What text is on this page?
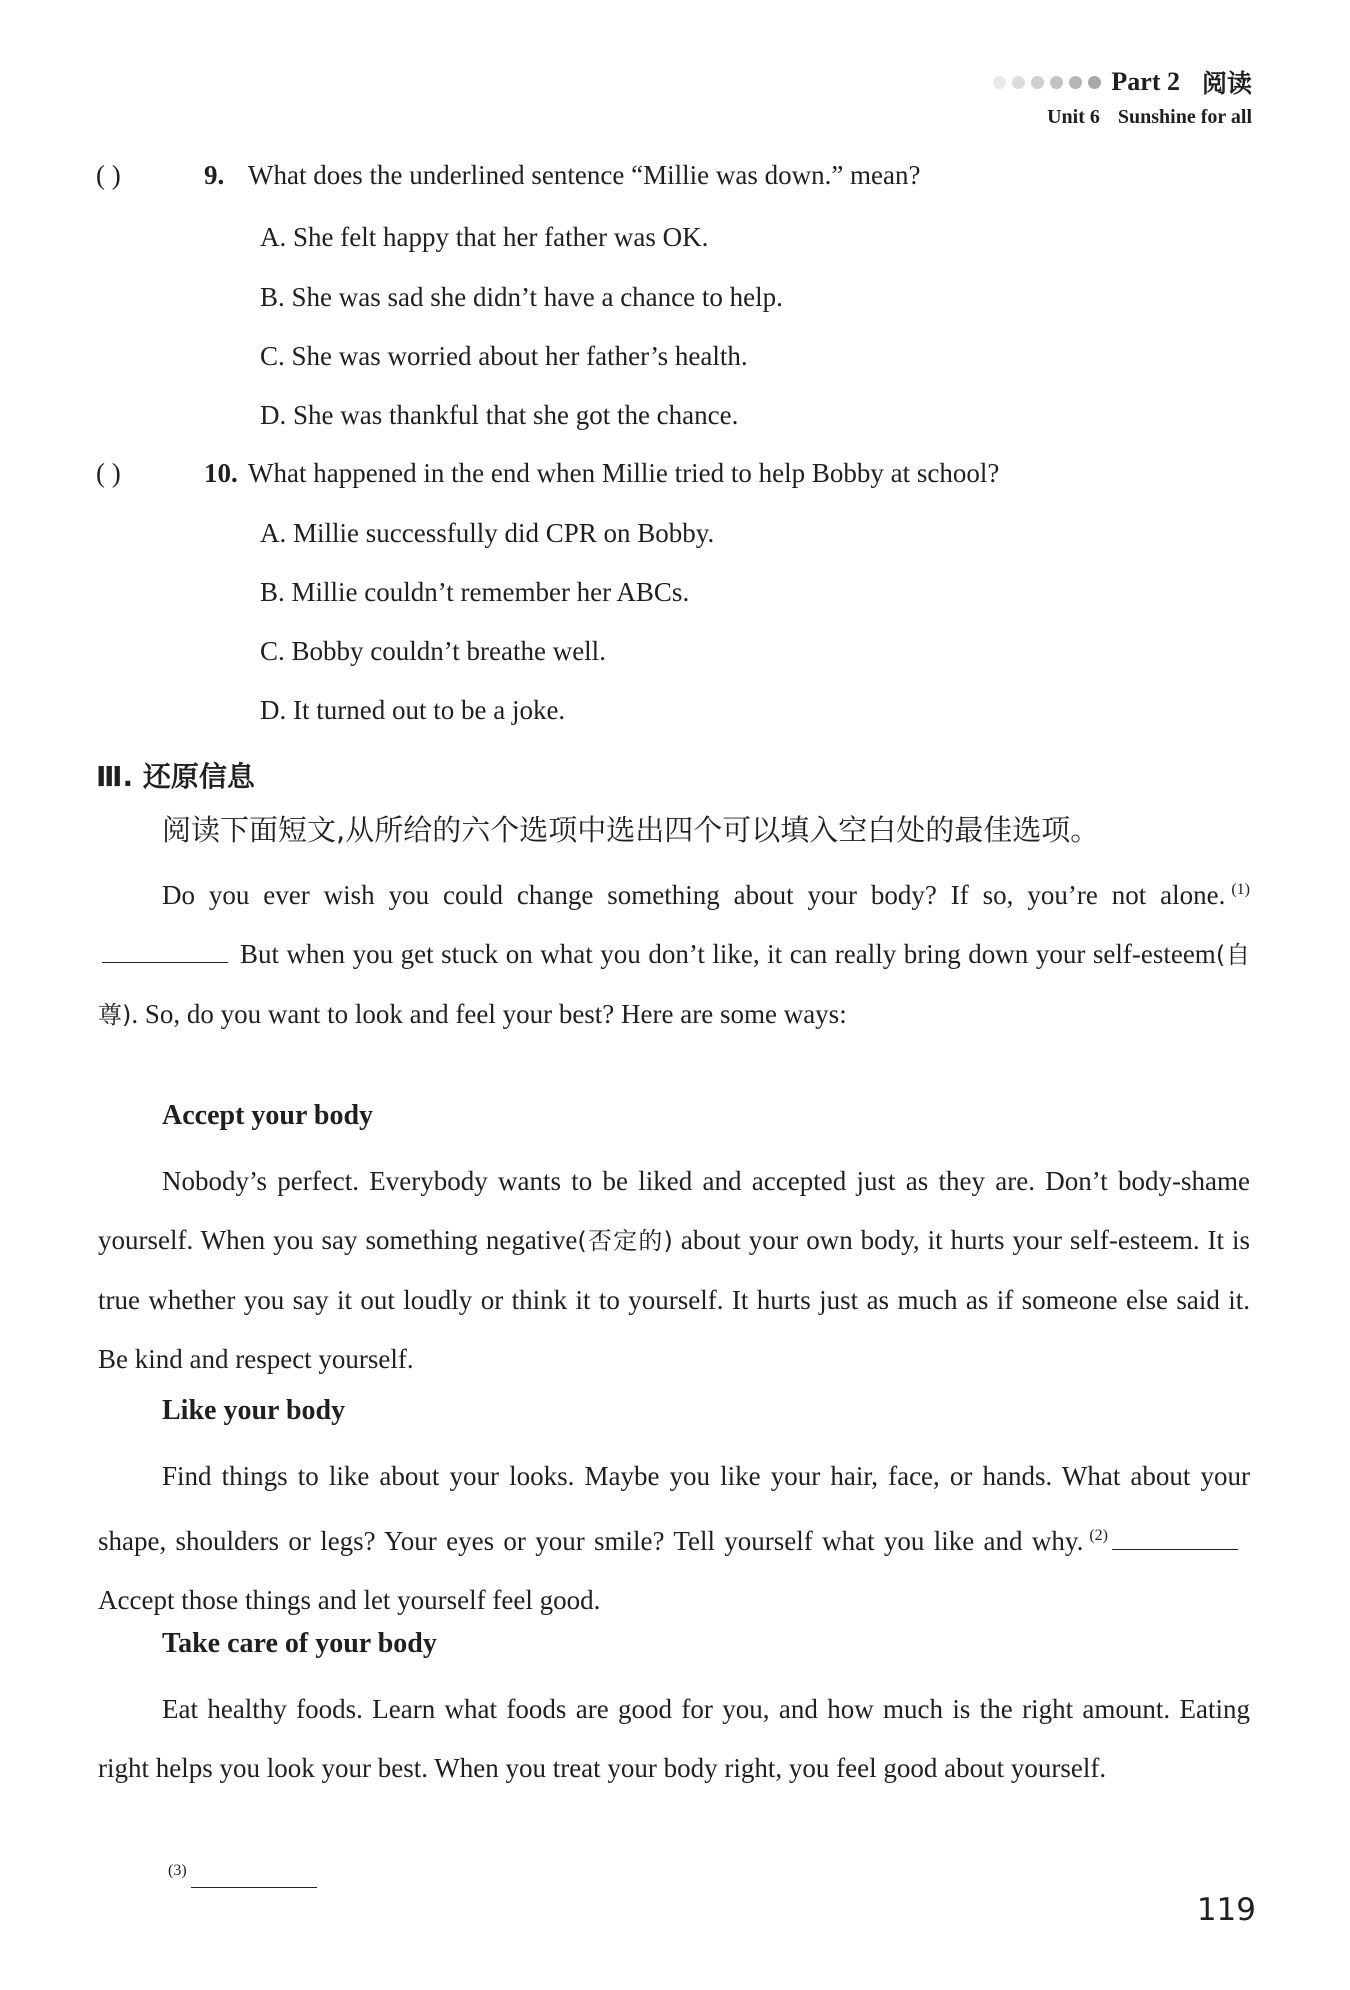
Part 2 阅读
Unit 6 Sunshine for all
( )	9. What does the underlined sentence “Millie was down.” mean?
A. She felt happy that her father was OK.
B. She was sad she didn’t have a chance to help.
C. She was worried about her father’s health.
D. She was thankful that she got the chance.
( )	10. What happened in the end when Millie tried to help Bobby at school?
A. Millie successfully did CPR on Bobby.
B. Millie couldn’t remember her ABCs.
C. Bobby couldn’t breathe well.
D. It turned out to be a joke.
Ⅲ. 还原信息
阅读下面短文,从所给的六个选项中选出四个可以填入空白处的最佳选项。

Do you ever wish you could change something about your body? If so, you’re not alone. $^{(1)}$But when you get stuck on what you don’t like, it can really bring down your self-esteem(自尊). So, do you want to look and feel your best? Here are some ways:

Accept your body

Nobody’s perfect. Everybody wants to be liked and accepted just as they are. Don’t body-shame yourself. When you say something negative(否定的) about your own body, it hurts your self-esteem. It is true whether you say it out loudly or think it to yourself. It hurts just as much as if someone else said it. Be kind and respect yourself.

Like your body

Find things to like about your looks. Maybe you like your hair, face, or hands. What about your shape, shoulders or legs? Your eyes or your smile? Tell yourself what you like and why. $^{(2)}$Accept those things and let yourself feel good.

Take care of your body

Eat healthy foods. Learn what foods are good for you, and how much is the right amount. Eating right helps you look your best. When you treat your body right, you feel good about yourself.

(3)
119
